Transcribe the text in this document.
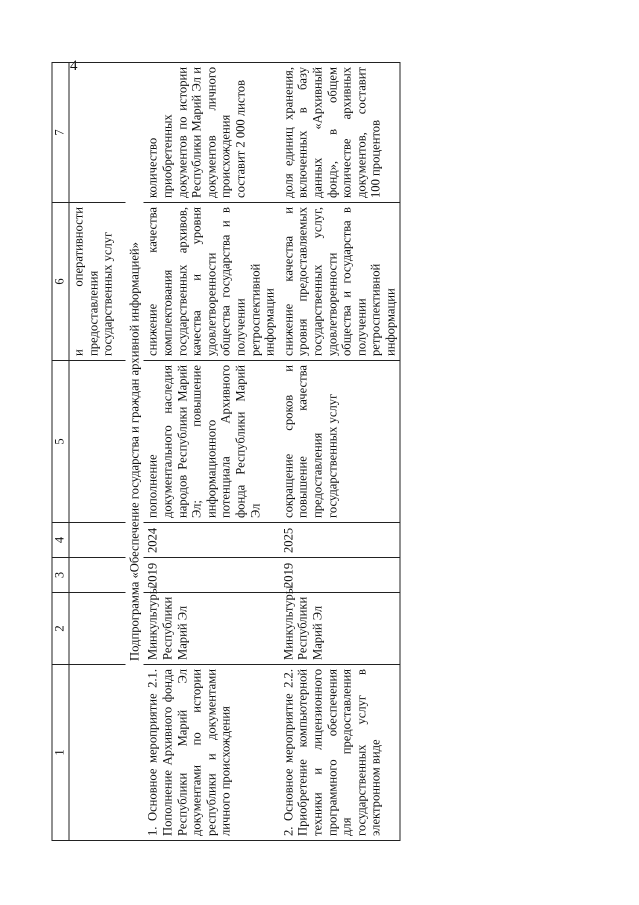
4
1	2	3	4	5	6	7
					и оперативности предоставления государственных услуг	
Подпрограмма «Обеспечение государства и граждан архивной информацией»						
1. Основное мероприятие 2.1. Пополнение Архивного фонда Республики Марий Эл документами по истории республики и документами личного происхождения	Минкультуры Республики Марий Эл	2019	2024	пополнение документального наследия народов Республики Марий Эл; повышение информационного потенциала Архивного фонда Республики Марий Эл	снижение качества комплектования государственных архивов, качества и уровня удовлетворенности общества государства и в получении ретроспективной информации	количество приобретенных документов по истории Республики Марий Эл и документов личного происхождения составит 2 000 листов
2. Основное мероприятие 2.2. Приобретение компьютерной техники и лицензионного программного обеспечения для предоставления государственных услуг в электронном виде	Минкультуры Республики Марий Эл	2019	2025	сокращение сроков и повышение качества предоставления государственных услуг	снижение качества и уровня предоставляемых государственных услуг, удовлетворенности общества и государства в получении ретроспективной информации	доля единиц хранения, включенных в базу данных «Архивный фонд», в общем количестве архивных документов, составит 100 процентов
